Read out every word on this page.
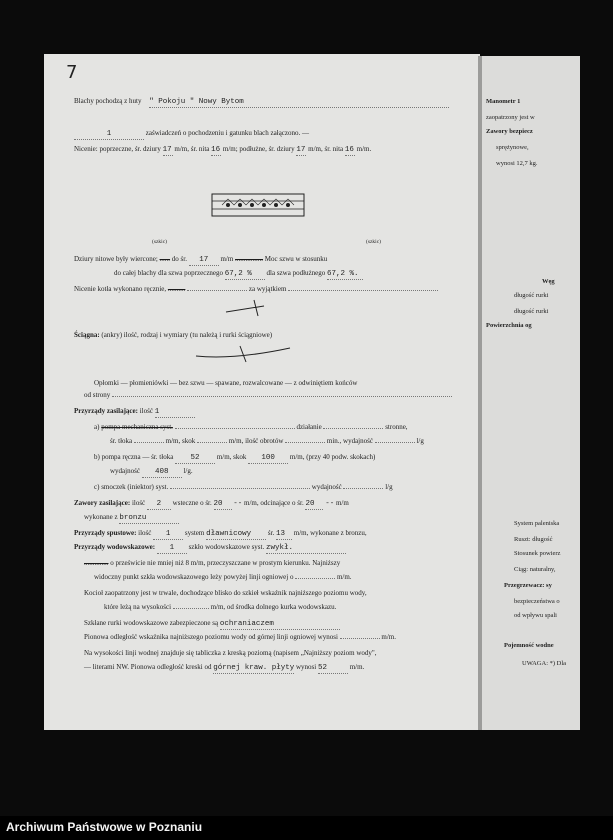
7
Blachy pochodzą z huty " Pokoju " Nowy Bytom
1	zaświadczeń o pochodzeniu i gatunku blach załączono. —
Nicenie: poprzeczne, śr. dziury 17 m/m, śr. nita 16 m/m; podłużne, śr. dziury 17 m/m, śr. nita 16 m/m.
(szkic)	(szkic)
Dziury nitowe były wiercone; ...... do śr. 17 m/m ................ Moc szwu w stosunku
do całej blachy dla szwa poprzecznego 67,2 % dla szwa podłużnego 67,2 %.
Nicenie kotła wykonano ręcznie, ..........	za wyjątkiem
Ściągna: (ankry) ilość, rodzaj i wymiary (tu należą i rurki ściągniowe)
Opłomki — płomieniówki — bez szwu — spawane, rozwalcowane — z odwiniętiem końców
od strony
Przyrządy zasilające: ilość 1
a) pompa mechaniczna syst.	działanie	stronne,
śr. tłoka	m/m, skok	m/m, ilość obrotów	min., wydajność	l/g
b) pompa ręczna — śr. tłoka 52 m/m, skok 100 m/m, (przy 40 podw. skokach)
wydajność 408 l/g.
c) smoczek (iniektor) syst.	wydajność	l/g
Zawory zasilające: ilość 2 wsteczne o śr. 20 -- m/m, odcinające o śr. 20 -- m/m
wykonane z bronzu
Przyrządy spustowe: ilość 1 system dławnicowy śr. 13 m/m, wykonane z bronzu,
Przyrządy wodowskazowe: 1 szkło wodowskazowe syst. zwykł.
.............. o prześwicie nie mniej niż 8 m/m, przeczyszczane w prostym kierunku. Najniższy
widoczny punkt szkła wodowskazowego leży powyżej linji ogniowej o	m/m.
Kocioł zaopatrzony jest w trwale, dochodzące blisko do szkieł wskaźnik najniższego poziomu wody,
które leżą na wysokości	m/m, od środka dolnego kurka wodowskazu.
Szkłane rurki wodowskazowe zabezpieczone są ochraniaczem
Pionowa odległość wskaźnika najniższego poziomu wody od górnej linji ogniowej wynosi	m/m.
Na wysokości linji wodnej znajduje się tabliczka z kreską poziomą (napisem „Najniższy poziom wody",
— literami NW. Pionowa odległość kreski od górnej kraw. płyty wynosi 52	m/m.
Manometr 1
zaopatrzony jest w
Zawory bezpiecz
sprężynowe,
wynosi 12,7 kg.
Węg
długość rurki
długość rurki
Powierzchnia og
System paleniska
Ruszt: długość
Stosunek powierz
Ciąg: naturalny,
Przegrzewacz: sy
bezpieczeństwa o
od wpływu spali
Pojemność wodne
UWAGA: *) Dla
Archiwum Państwowe w Poznaniu
